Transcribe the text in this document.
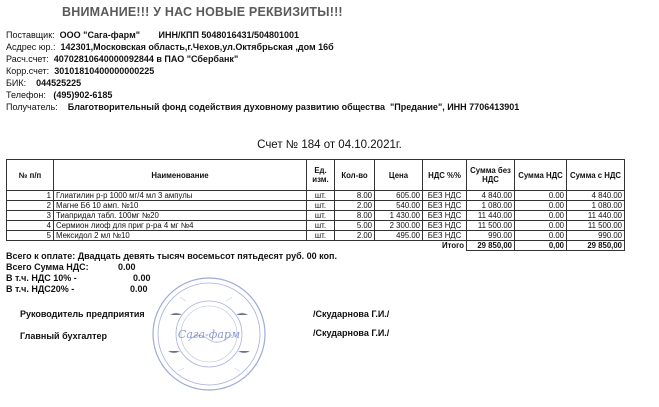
ВНИМАНИЕ!!! У НАС НОВЫЕ РЕКВИЗИТЫ!!!
Поставщик: ООО "Сага-фарм" ИНН/КПП 5048016431/504801001
Асдрес юр.: 142301,Московская область,г.Чехов,ул.Октябрьская ,дом 16б
Расч.счет: 40702810640000092844 в ПАО "Сбербанк"
Корр.счет: 30101810400000000225
БИК: 044525225
Телефон: (495)902-6185
Получатель: Благотворительный фонд содействия духовному развитию общества  "Предание", ИНН 7706413901
Счет № 184 от 04.10.2021г.
№ п/п	Наименование	Ед. изм.	Кол-во	Цена	НДС %%	Сумма без НДС	Сумма НДС	Сумма с НДС
1	Глиатилин р-р 1000 мг/4 мл 3 ампулы	шт.	8.00	605.00	БЕЗ НДС	4 840.00	0.00	4 840.00
2	Магне Б6 10 амп. №10	шт.	2.00	540.00	БЕЗ НДС	1 080.00	0.00	1 080.00
3	Тиапридал табл. 100мг №20	шт.	8.00	1 430.00	БЕЗ НДС	11 440.00	0.00	11 440.00
4	Сермион лиоф для приг р-ра 4 мг №4	шт.	5.00	2 300.00	БЕЗ НДС	11 500.00	0.00	11 500.00
5	Мексидол 2 мл №10	шт.	2.00	495.00	БЕЗ НДС	990.00	0.00	990.00
Итого						29 850,00	0,00	29 850,00
Всего к оплате: Двадцать девять тысяч восемьсот пятьдесят руб. 00 коп.
Всего Сумма НДС:	0.00
В т.ч. НДС 10% -	0.00
В т.ч. НДС20% -	0.00
Руководитель предприятия	/Скударнова Г.И./
Главный бухгалтер	/Скударнова Г.И./
Сага-фарм
